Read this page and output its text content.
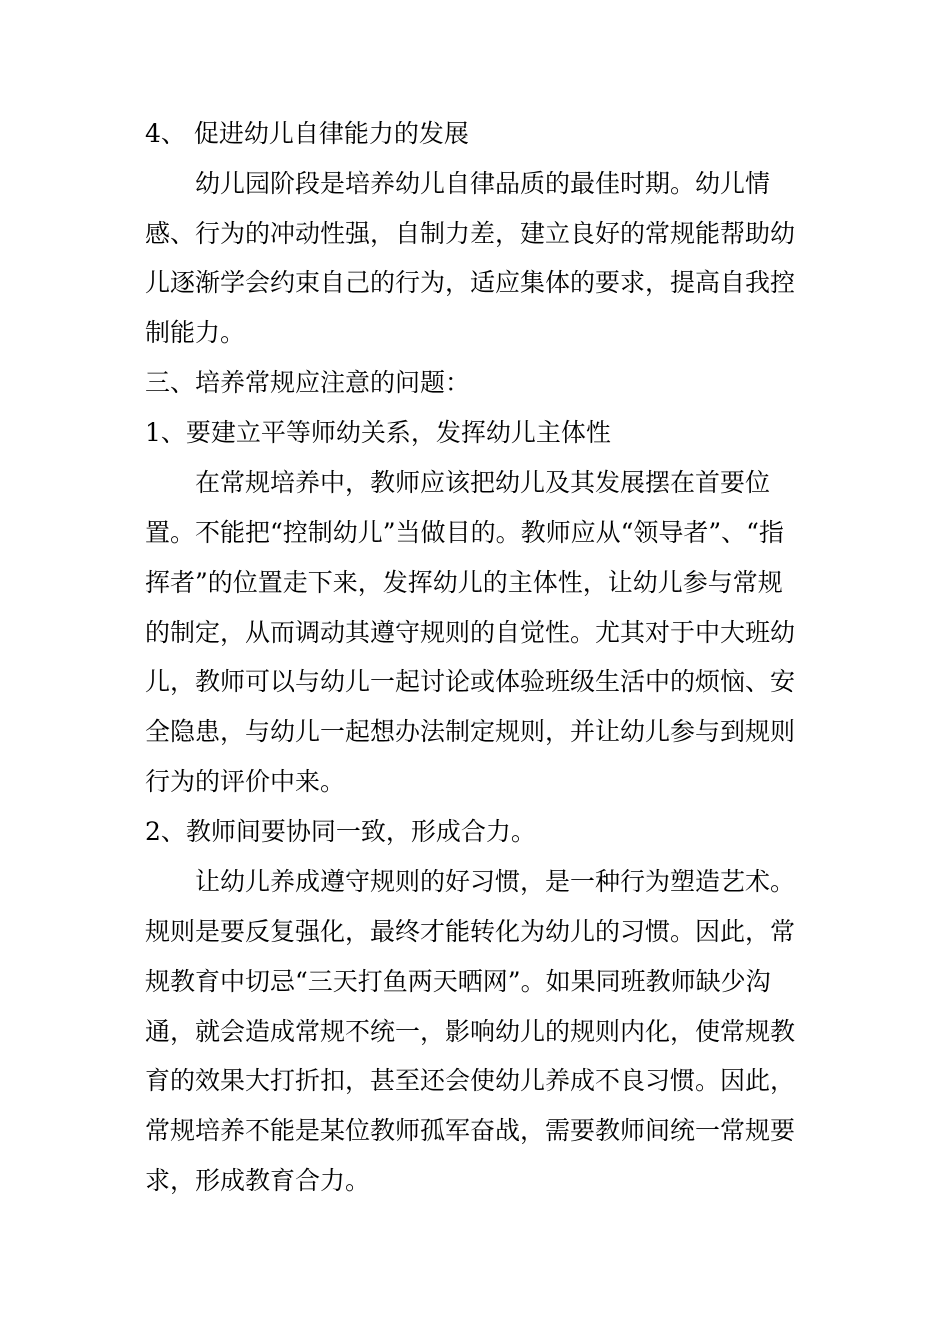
4、 促进幼儿自律能力的发展

幼儿园阶段是培养幼儿自律品质的最佳时期。幼儿情

感、行为的冲动性强，自制力差，建立良好的常规能帮助幼

儿逐渐学会约束自己的行为，适应集体的要求，提高自我控

制能力。

三、培养常规应注意的问题：

1、要建立平等师幼关系，发挥幼儿主体性

在常规培养中，教师应该把幼儿及其发展摆在首要位

置。不能把“控制幼儿”当做目的。教师应从“领导者”、“指

挥者”的位置走下来，发挥幼儿的主体性，让幼儿参与常规

的制定，从而调动其遵守规则的自觉性。尤其对于中大班幼

儿，教师可以与幼儿一起讨论或体验班级生活中的烦恼、安

全隐患，与幼儿一起想办法制定规则，并让幼儿参与到规则

行为的评价中来。

2、教师间要协同一致，形成合力。

让幼儿养成遵守规则的好习惯，是一种行为塑造艺术。

规则是要反复强化，最终才能转化为幼儿的习惯。因此，常

规教育中切忌“三天打鱼两天晒网”。如果同班教师缺少沟

通，就会造成常规不统一，影响幼儿的规则内化，使常规教

育的效果大打折扣，甚至还会使幼儿养成不良习惯。因此，

常规培养不能是某位教师孤军奋战，需要教师间统一常规要

求，形成教育合力。
